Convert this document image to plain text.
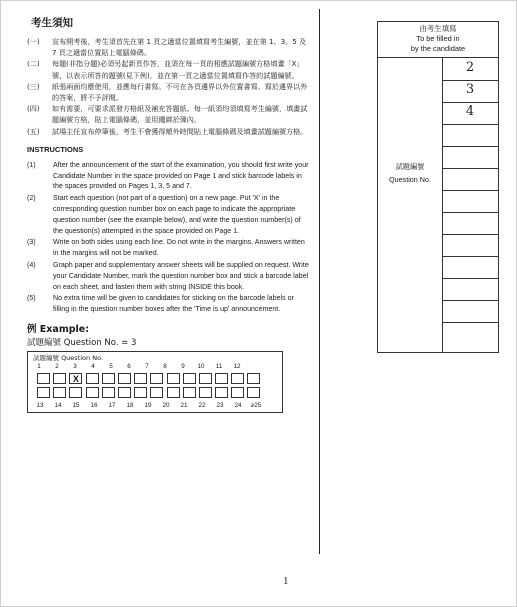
考生須知
(一)	宣布開考後，考生須首先在第 1 頁之適當位置填寫考生編號，並在第 1、3、5 及 7 頁之適當位置貼上電腦條碼。
(二)	每題(非指分題)必須另起新頁作答，並須在每一頁的相應試題編號方格填畫「X」號，以表示所答的題號(見下例)，並在第一頁之適當位置填寫作答的試題編號。
(三)	紙張兩面均應使用，並應每行書寫。不可在各頁邊界以外位置書寫。寫於邊界以外的答案，將不予評閱。
(四)	如有需要，可要求派發方格紙及補充答題紙。每一紙須均須填寫考生編號，填畫試題編號方格，貼上電腦條碼，並用繩綁於簿內。
(五)	試場主任宣布停筆後，考生不會獲得額外時間貼上電腦條碼及填畫試題編號方格。
INSTRUCTIONS
(1)	After the announcement of the start of the examination, you should first write your Candidate Number in the space provided on Page 1 and stick barcode labels in the spaces provided on Pages 1, 3, 5 and 7.
(2)	Start each question (not part of a question) on a new page. Put 'X' in the corresponding question number box on each page to indicate the appropriate question number (see the example below), and write the question number(s) of the question(s) attempted in the space provided on Page 1.
(3)	Write on both sides using each line. Do not write in the margins. Answers written in the margins will not be marked.
(4)	Graph paper and supplementary answer sheets will be supplied on request. Write your Candidate Number, mark the question number box and stick a barcode label on each sheet, and fasten them with string INSIDE this book.
(5)	No extra time will be given to candidates for sticking on the barcode labels or filling in the question number boxes after the 'Time is up' announcement.
例 Example:
試題編號 Question No. = 3
試題編號 Question No.
1	2	3	4	5	6	7	8	9	10	11	12
X
13	14	15	16	17	18	19	20	21	22	23	24	≥25
由考生填寫
To be filled in
by the candidate
2
3
4
試題編號
Question No.
1
